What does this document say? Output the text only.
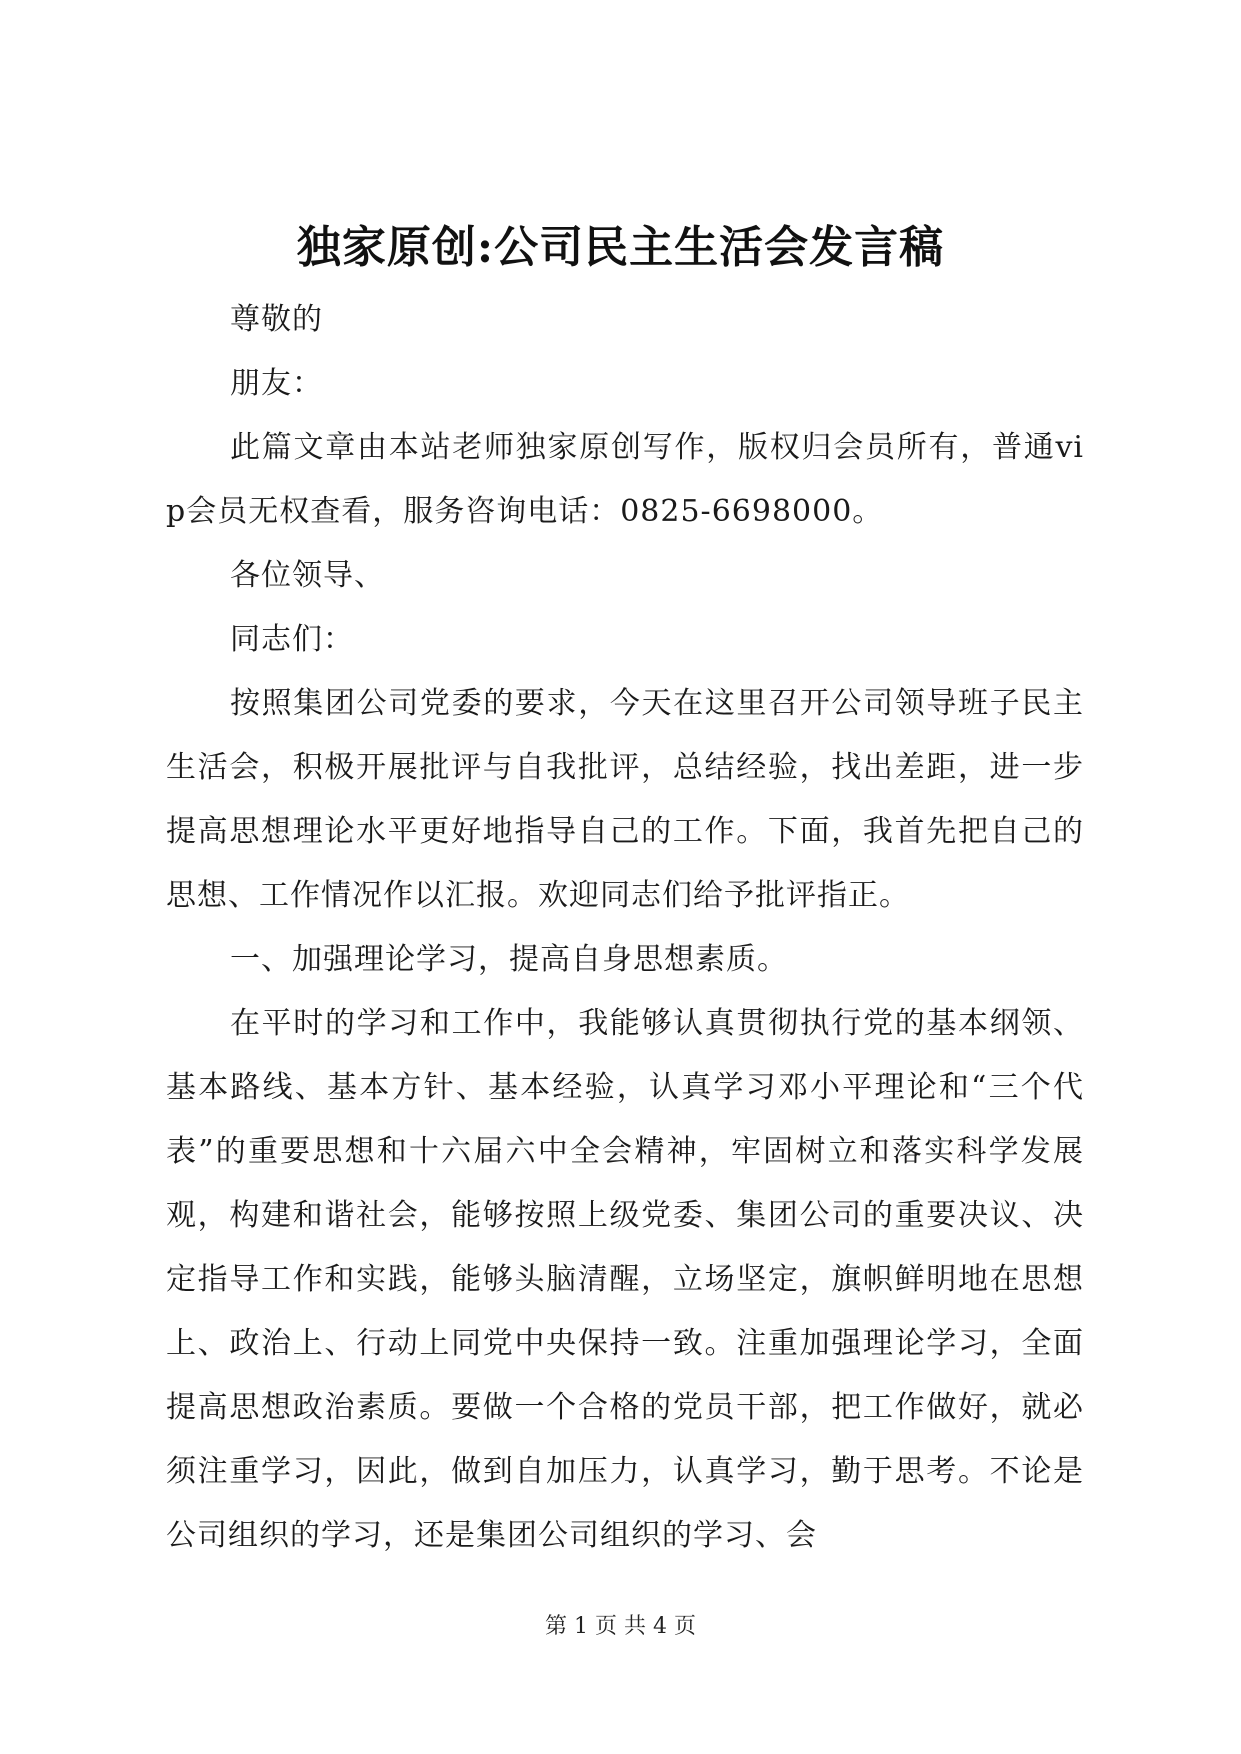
独家原创:公司民主生活会发言稿

尊敬的

朋友：

此篇文章由本站老师独家原创写作，版权归会员所有，普通vip会员无权查看，服务咨询电话：0825-6698000。

各位领导、

同志们：

按照集团公司党委的要求，今天在这里召开公司领导班子民主生活会，积极开展批评与自我批评，总结经验，找出差距，进一步提高思想理论水平更好地指导自己的工作。下面，我首先把自己的思想、工作情况作以汇报。欢迎同志们给予批评指正。

一、加强理论学习，提高自身思想素质。

在平时的学习和工作中，我能够认真贯彻执行党的基本纲领、基本路线、基本方针、基本经验，认真学习邓小平理论和“三个代表”的重要思想和十六届六中全会精神，牢固树立和落实科学发展观，构建和谐社会，能够按照上级党委、集团公司的重要决议、决定指导工作和实践，能够头脑清醒，立场坚定，旗帜鲜明地在思想上、政治上、行动上同党中央保持一致。注重加强理论学习，全面提高思想政治素质。要做一个合格的党员干部，把工作做好，就必须注重学习，因此，做到自加压力，认真学习，勤于思考。不论是公司组织的学习，还是集团公司组织的学习、会

第 1 页 共 4 页
